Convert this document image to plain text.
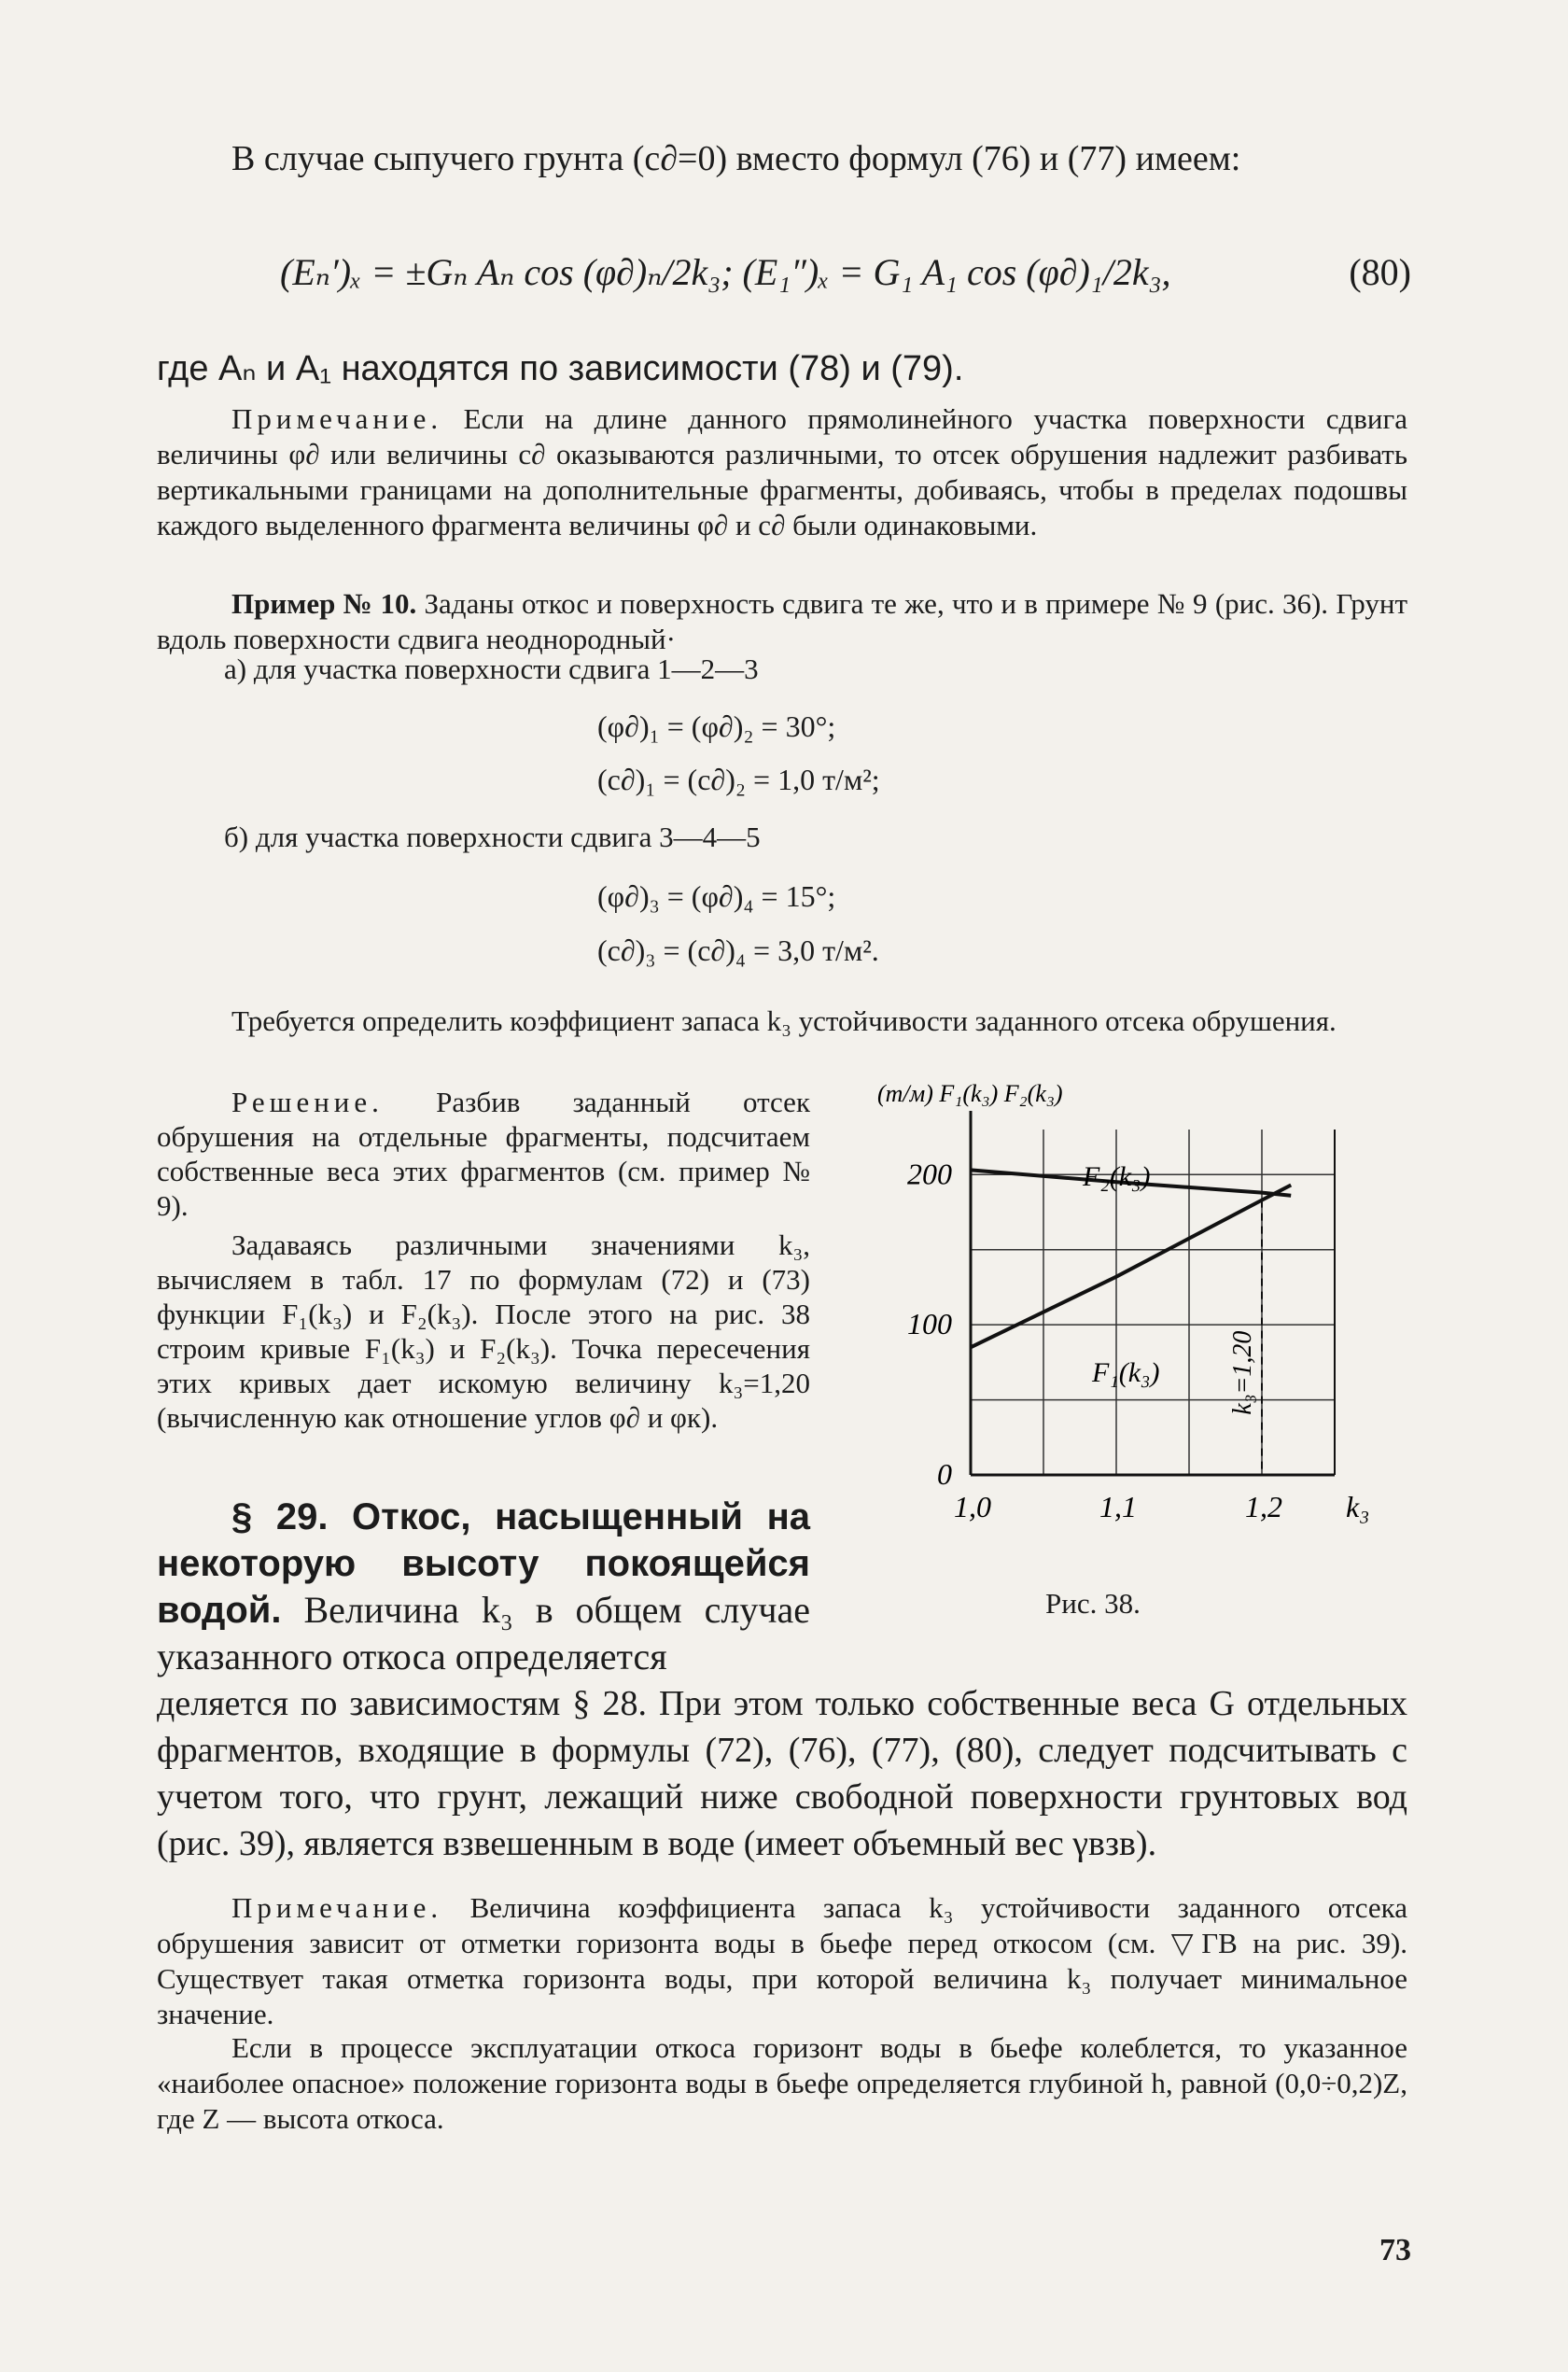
В случае сыпучего грунта (c∂=0) вместо формул (76) и (77) имеем:
(Eₙ′)ₓ = ±Gₙ Aₙ cos (φ∂)ₙ/2k₃; (E₁″)ₓ = G₁ A₁ cos (φ∂)₁/2k₃,	(80)
где Aₙ и A₁ находятся по зависимости (78) и (79).
Примечание. Если на длине данного прямолинейного участка поверхности сдвига величины φ∂ или величины c∂ оказываются различными, то отсек обрушения надлежит разбивать вертикальными границами на дополнительные фрагменты, добиваясь, чтобы в пределах подошвы каждого выделенного фрагмента величины φ∂ и c∂ были одинаковыми.
Пример № 10. Заданы откос и поверхность сдвига те же, что и в примере № 9 (рис. 36). Грунт вдоль поверхности сдвига неоднородный·
а) для участка поверхности сдвига 1—2—3
(φ∂)₁ = (φ∂)₂ = 30°;
(c∂)₁ = (c∂)₂ = 1,0 т/м²;
б) для участка поверхности сдвига 3—4—5
(φ∂)₃ = (φ∂)₄ = 15°;
(c∂)₃ = (c∂)₄ = 3,0 т/м².
Требуется определить коэффициент запаса k₃ устойчивости заданного отсека обрушения.
Решение. Разбив заданный отсек обрушения на отдельные фрагменты, подсчитаем собственные веса этих фрагментов (см. пример № 9).
Задаваясь различными значениями k₃, вычисляем в табл. 17 по формулам (72) и (73) функции F₁(k₃) и F₂(k₃). После этого на рис. 38 строим кривые F₁(k₃) и F₂(k₃). Точка пересечения этих кривых дает искомую величину k₃=1,20 (вычисленную как отношение углов φ∂ и φк).
§ 29. Откос, насыщенный на некоторую высоту покоящейся водой. Величина k₃ в общем случае указанного откоса определяется
деляется по зависимостям § 28. При этом только собственные веса G отдельных фрагментов, входящие в формулы (72), (76), (77), (80), следует подсчитывать с учетом того, что грунт, лежащий ниже свободной поверхности грунтовых вод (рис. 39), является взвешенным в воде (имеет объемный вес γвзв).
Примечание. Величина коэффициента запаса k₃ устойчивости заданного отсека обрушения зависит от отметки горизонта воды в бьефе перед откосом (см. ▽ГВ на рис. 39). Существует такая отметка горизонта воды, при которой величина k₃ получает минимальное значение.
Если в процессе эксплуатации откоса горизонт воды в бьефе колеблется, то указанное «наиболее опасное» положение горизонта воды в бьефе определяется глубиной h, равной (0,0÷0,2)Z, где Z — высота откоса.
F₂(k₃)
F₁(k₃)	k₃=1,20
1,0	1,1	1,2
0
100
200
k₃
(т/м) F₁(k₃) F₂(k₃)
Рис. 38.
73
